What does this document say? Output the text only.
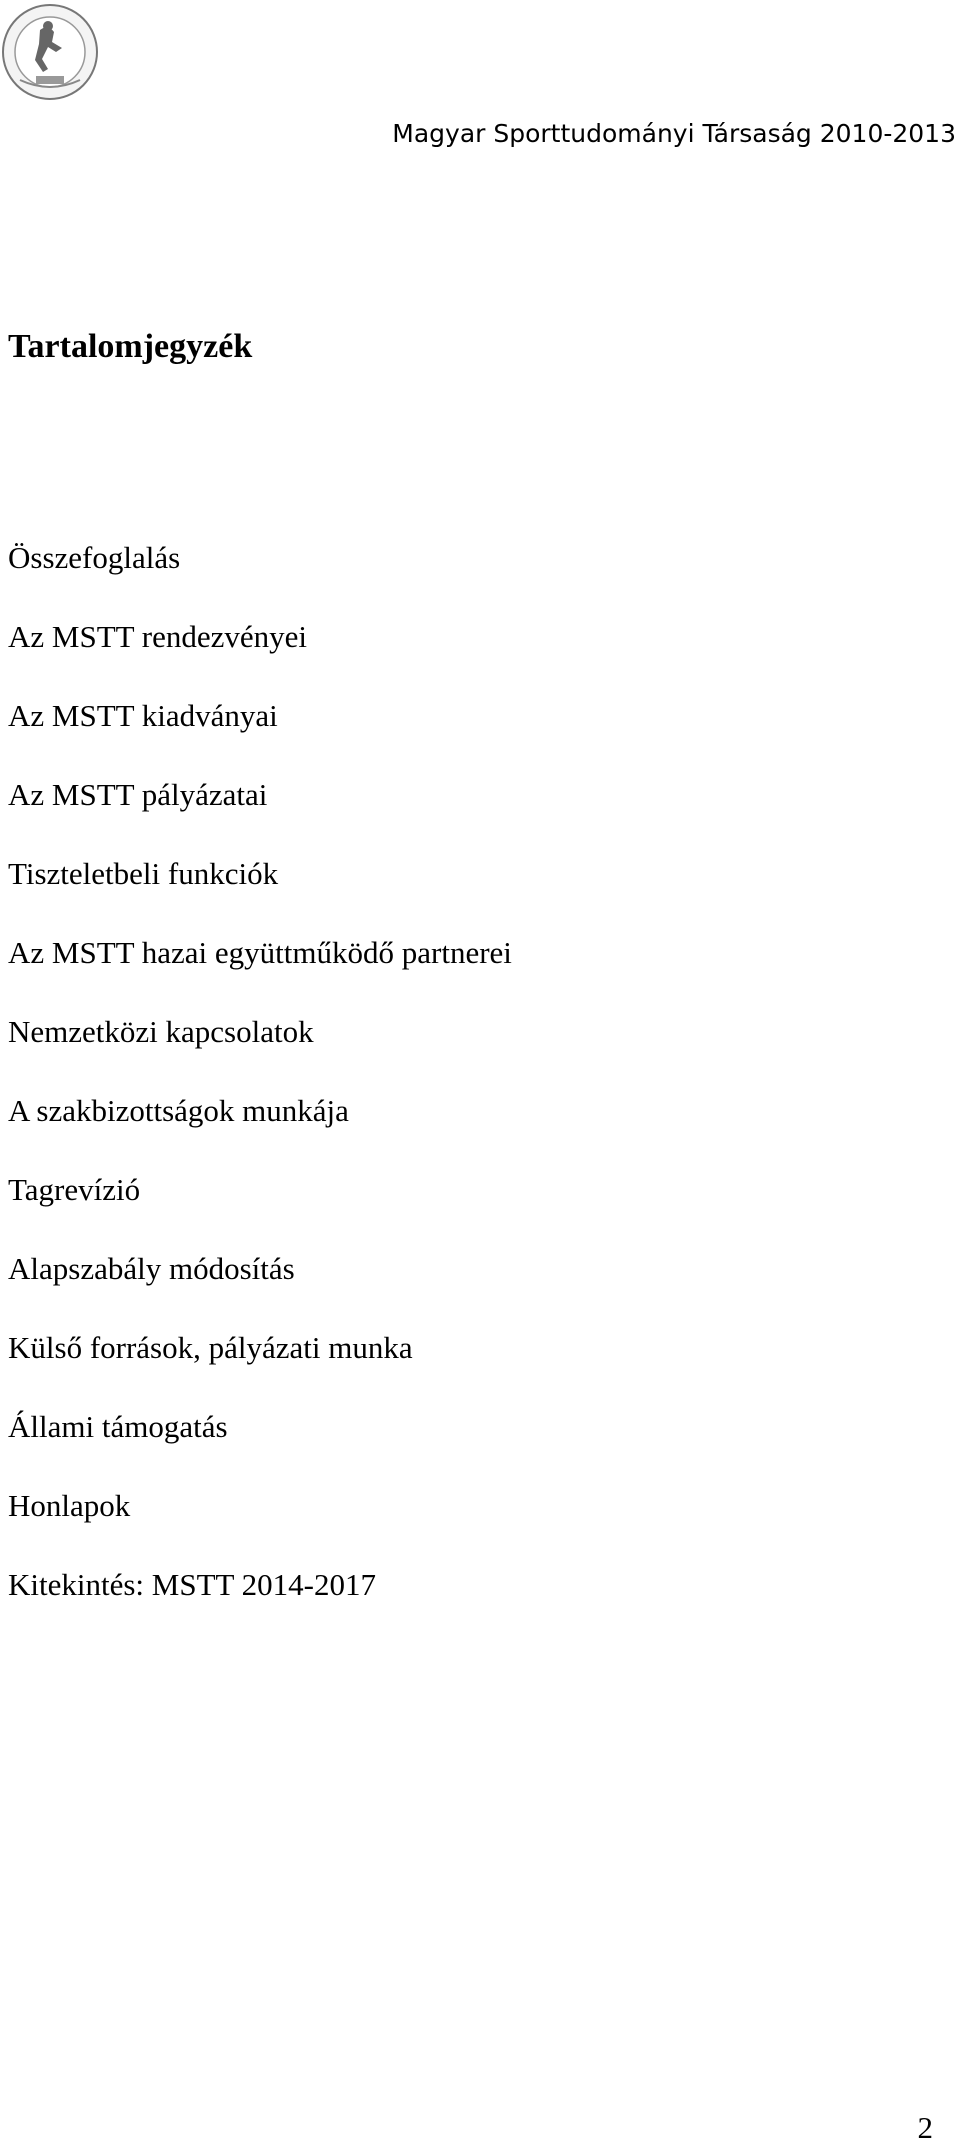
Magyar Sporttudományi Társaság 2010-2013
Tartalomjegyzék
Összefoglalás
Az MSTT rendezvényei
Az MSTT kiadványai
Az MSTT pályázatai
Tiszteletbeli funkciók
Az MSTT hazai együttműködő partnerei
Nemzetközi kapcsolatok
A szakbizottságok munkája
Tagrevízió
Alapszabály módosítás
Külső források, pályázati munka
Állami támogatás
Honlapok
Kitekintés: MSTT 2014-2017
2
